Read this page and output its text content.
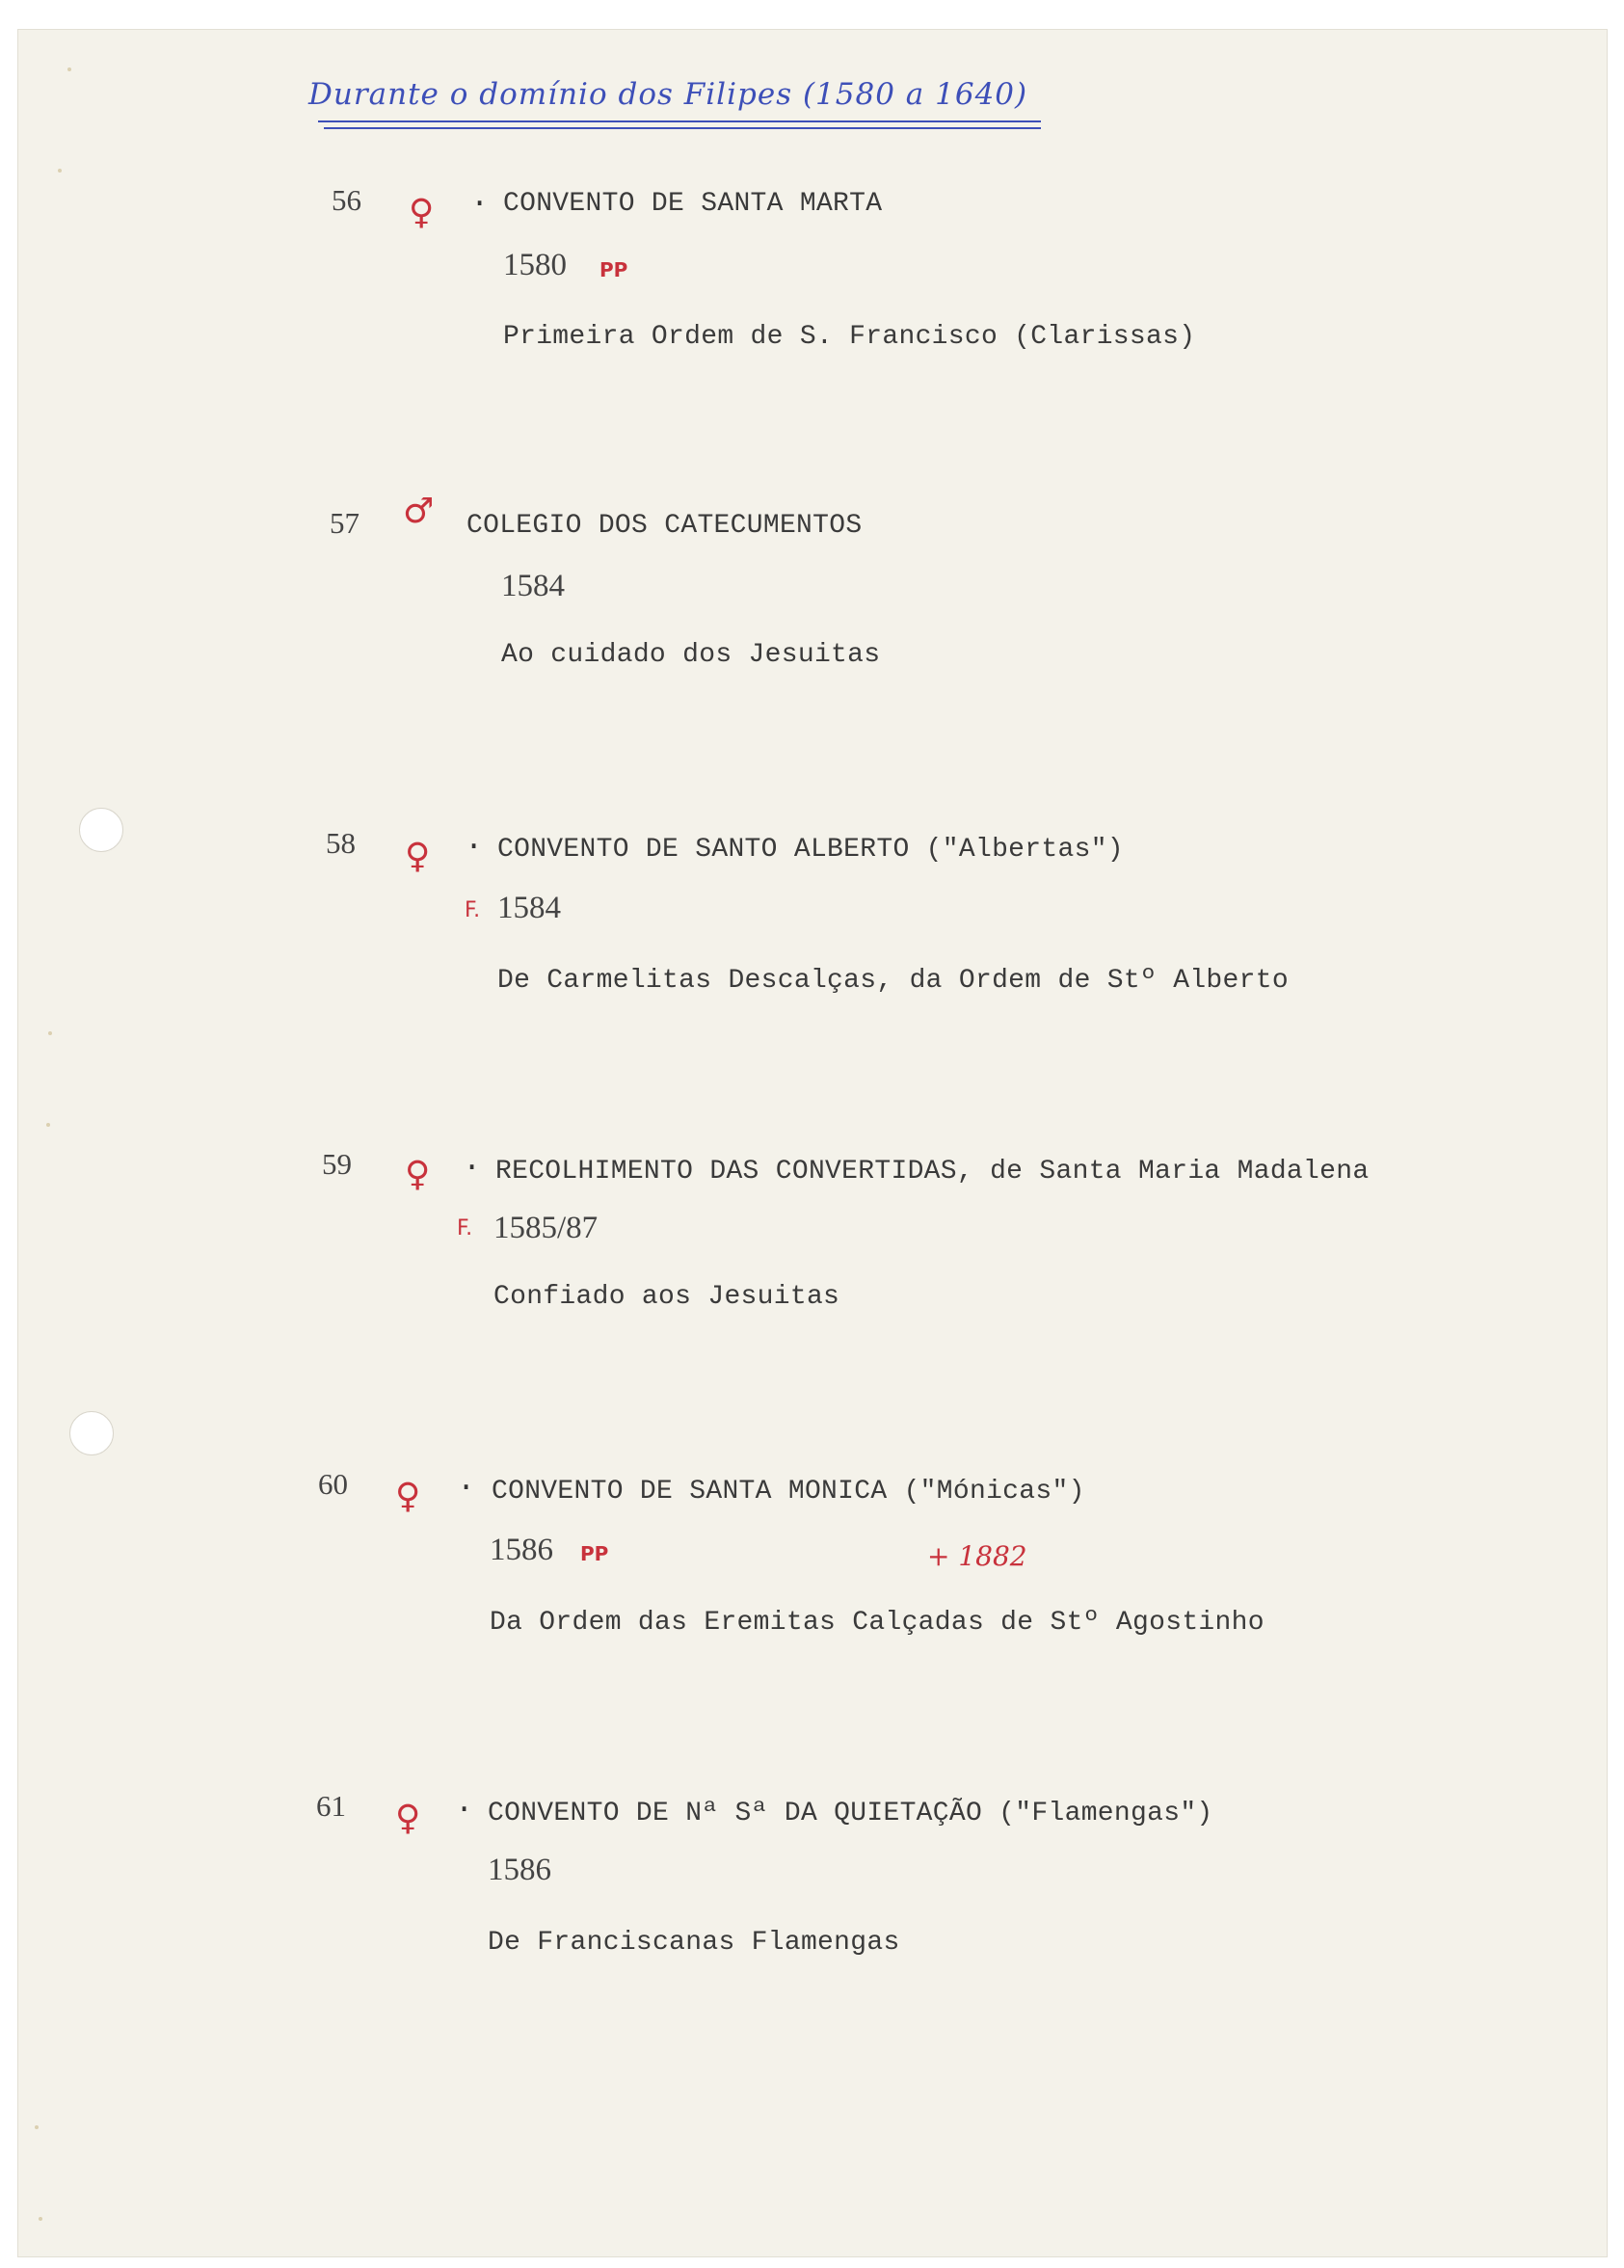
Durante o domínio dos Filipes (1580 a 1640)
56 ♀ . CONVENTO DE SANTA MARTA
1580 PP
Primeira Ordem de S. Francisco (Clarissas)
57 ♂ COLEGIO DOS CATECUMENTOS
1584
Ao cuidado dos Jesuitas
58 ♀ . CONVENTO DE SANTO ALBERTO ("Albertas")
F. 1584
De Carmelitas Descalças, da Ordem de Stº Alberto
59 ♀ . RECOLHIMENTO DAS CONVERTIDAS, de Santa Maria Madalena
F. 1585/87
Confiado aos Jesuitas
60 ♀ . CONVENTO DE SANTA MONICA ("Mónicas")
1586 PP	+ 1882
Da Ordem das Eremitas Calçadas de Stº Agostinho
61 ♀ . CONVENTO DE Nª Sª DA QUIETAÇÃO ("Flamengas")
1586
De Franciscanas Flamengas
